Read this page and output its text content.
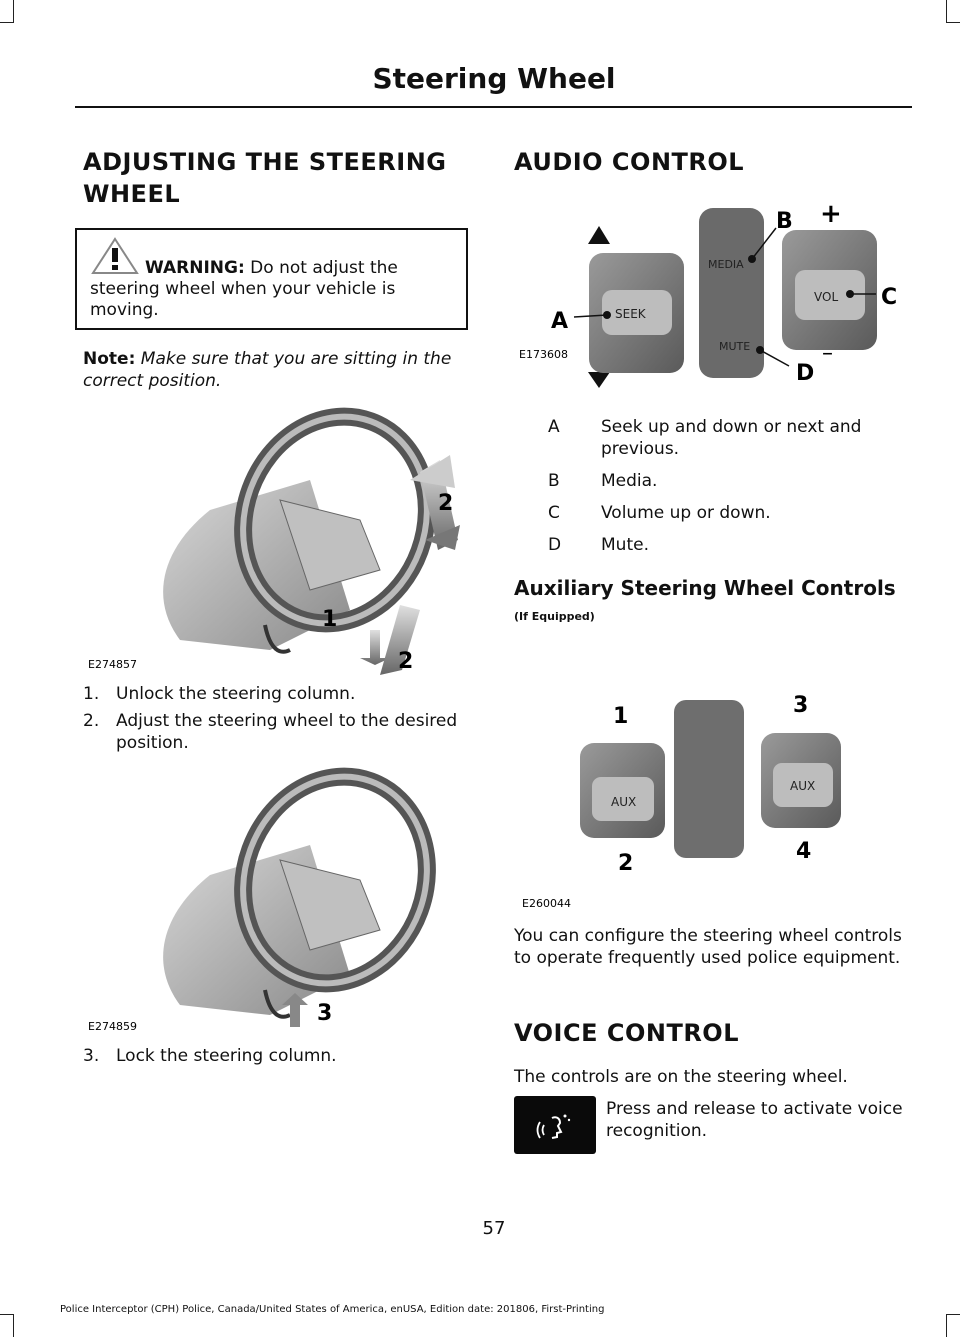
Steering Wheel
ADJUSTING THE STEERING
WHEEL
WARNING: Do not adjust the steering wheel when your vehicle is moving.
Note: Make sure that you are sitting in the correct position.
2
1
2
E274857
1. Unlock the steering column.
2. Adjust the steering wheel to the desired position.
3
E274859
3. Lock the steering column.
AUDIO CONTROL
SEEK
VOL
MEDIA
MUTE
A
B
C
D
+
–
E173608
A	Seek up and down or next and previous.
B	Media.
C	Volume up or down.
D	Mute.
Auxiliary Steering Wheel Controls
(If Equipped)
AUX
AUX
1
2
3
4
E260044
You can configure the steering wheel controls to operate frequently used police equipment.
VOICE CONTROL
The controls are on the steering wheel.
Press and release to activate voice recognition.
57
Police Interceptor (CPH) Police, Canada/United States of America, enUSA, Edition date: 201806, First-Printing
